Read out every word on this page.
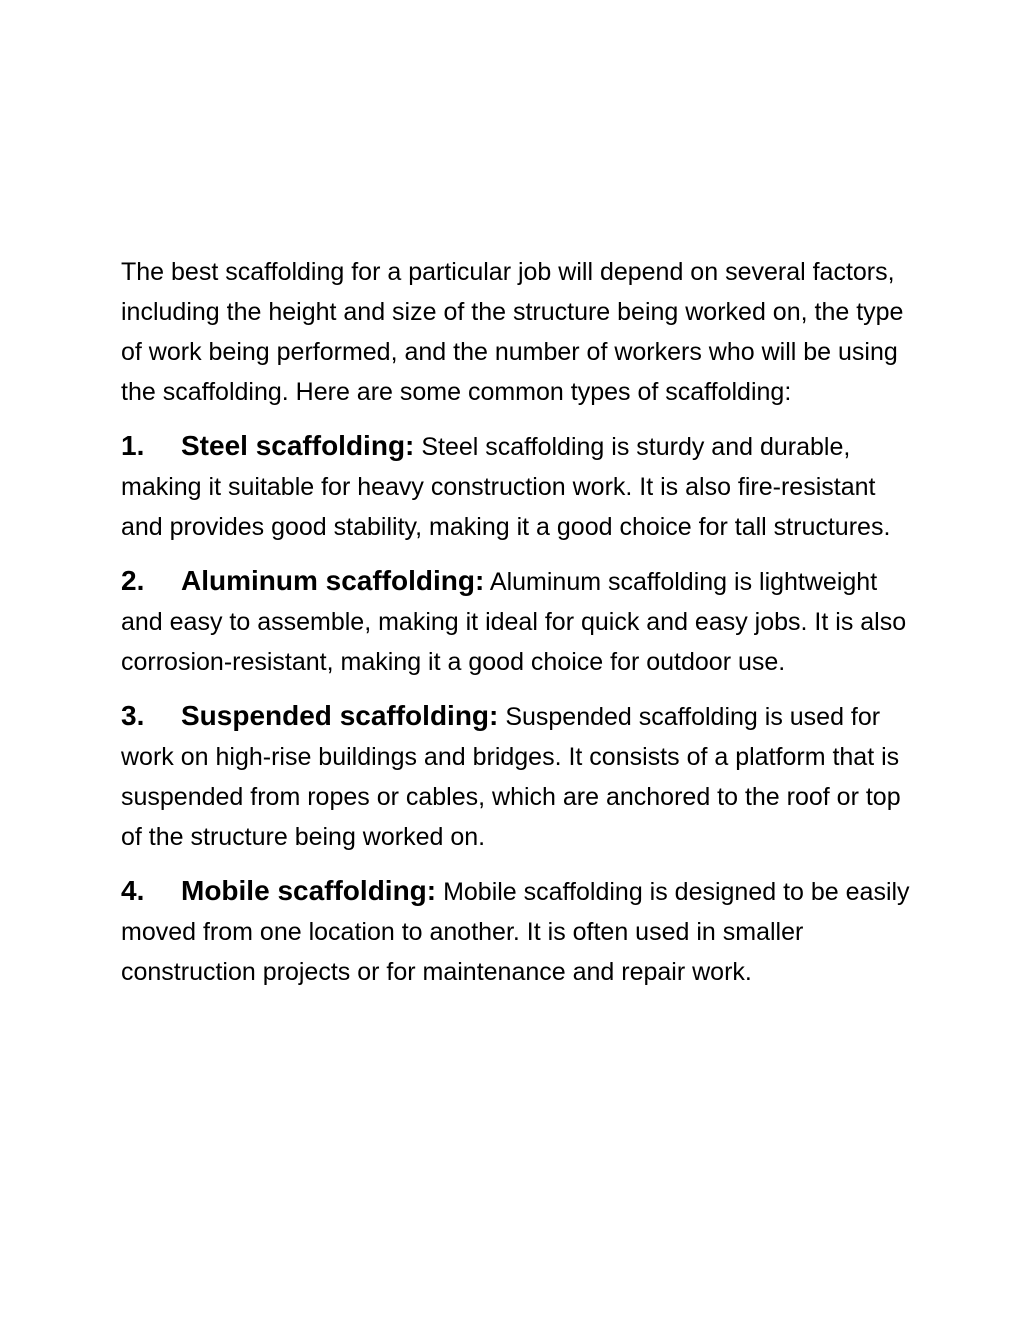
The best scaffolding for a particular job will depend on several factors, including the height and size of the structure being worked on, the type of work being performed, and the number of workers who will be using the scaffolding. Here are some common types of scaffolding:

1. Steel scaffolding: Steel scaffolding is sturdy and durable, making it suitable for heavy construction work. It is also fire-resistant and provides good stability, making it a good choice for tall structures.

2. Aluminum scaffolding: Aluminum scaffolding is lightweight and easy to assemble, making it ideal for quick and easy jobs. It is also corrosion-resistant, making it a good choice for outdoor use.

3. Suspended scaffolding: Suspended scaffolding is used for work on high-rise buildings and bridges. It consists of a platform that is suspended from ropes or cables, which are anchored to the roof or top of the structure being worked on.

4. Mobile scaffolding: Mobile scaffolding is designed to be easily moved from one location to another. It is often used in smaller construction projects or for maintenance and repair work.
